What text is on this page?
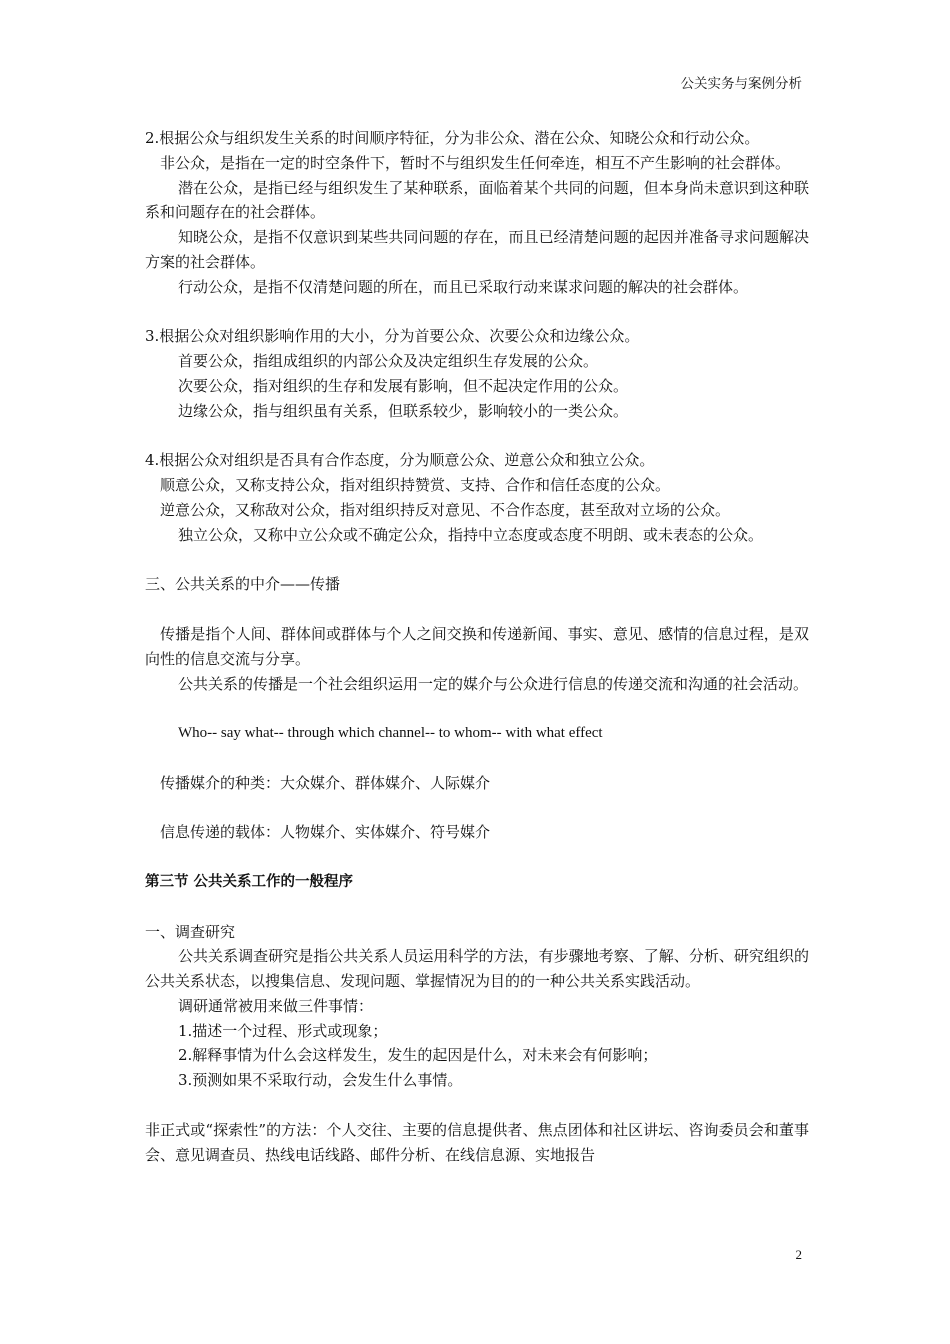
公关实务与案例分析

2.根据公众与组织发生关系的时间顺序特征，分为非公众、潜在公众、知晓公众和行动公众。

非公众，是指在一定的时空条件下，暂时不与组织发生任何牵连，相互不产生影响的社会群体。

潜在公众，是指已经与组织发生了某种联系，面临着某个共同的问题，但本身尚未意识到这种联系和问题存在的社会群体。

知晓公众，是指不仅意识到某些共同问题的存在，而且已经清楚问题的起因并准备寻求问题解决方案的社会群体。

行动公众，是指不仅清楚问题的所在，而且已采取行动来谋求问题的解决的社会群体。

3.根据公众对组织影响作用的大小，分为首要公众、次要公众和边缘公众。

首要公众，指组成组织的内部公众及决定组织生存发展的公众。

次要公众，指对组织的生存和发展有影响，但不起决定作用的公众。

边缘公众，指与组织虽有关系，但联系较少，影响较小的一类公众。

4.根据公众对组织是否具有合作态度，分为顺意公众、逆意公众和独立公众。

顺意公众，又称支持公众，指对组织持赞赏、支持、合作和信任态度的公众。

逆意公众，又称敌对公众，指对组织持反对意见、不合作态度，甚至敌对立场的公众。

独立公众，又称中立公众或不确定公众，指持中立态度或态度不明朗、或未表态的公众。

三、公共关系的中介——传播

传播是指个人间、群体间或群体与个人之间交换和传递新闻、事实、意见、感情的信息过程，是双向性的信息交流与分享。

公共关系的传播是一个社会组织运用一定的媒介与公众进行信息的传递交流和沟通的社会活动。

Who-- say what-- through which channel-- to whom-- with what effect

传播媒介的种类：大众媒介、群体媒介、人际媒介

信息传递的载体：人物媒介、实体媒介、符号媒介

第三节 公共关系工作的一般程序

一、调查研究

公共关系调查研究是指公共关系人员运用科学的方法，有步骤地考察、了解、分析、研究组织的公共关系状态，以搜集信息、发现问题、掌握情况为目的的一种公共关系实践活动。

调研通常被用来做三件事情：

1.描述一个过程、形式或现象；

2.解释事情为什么会这样发生，发生的起因是什么，对未来会有何影响；

3.预测如果不采取行动，会发生什么事情。

非正式或“探索性”的方法：个人交往、主要的信息提供者、焦点团体和社区讲坛、咨询委员会和董事会、意见调查员、热线电话线路、邮件分析、在线信息源、实地报告

2
